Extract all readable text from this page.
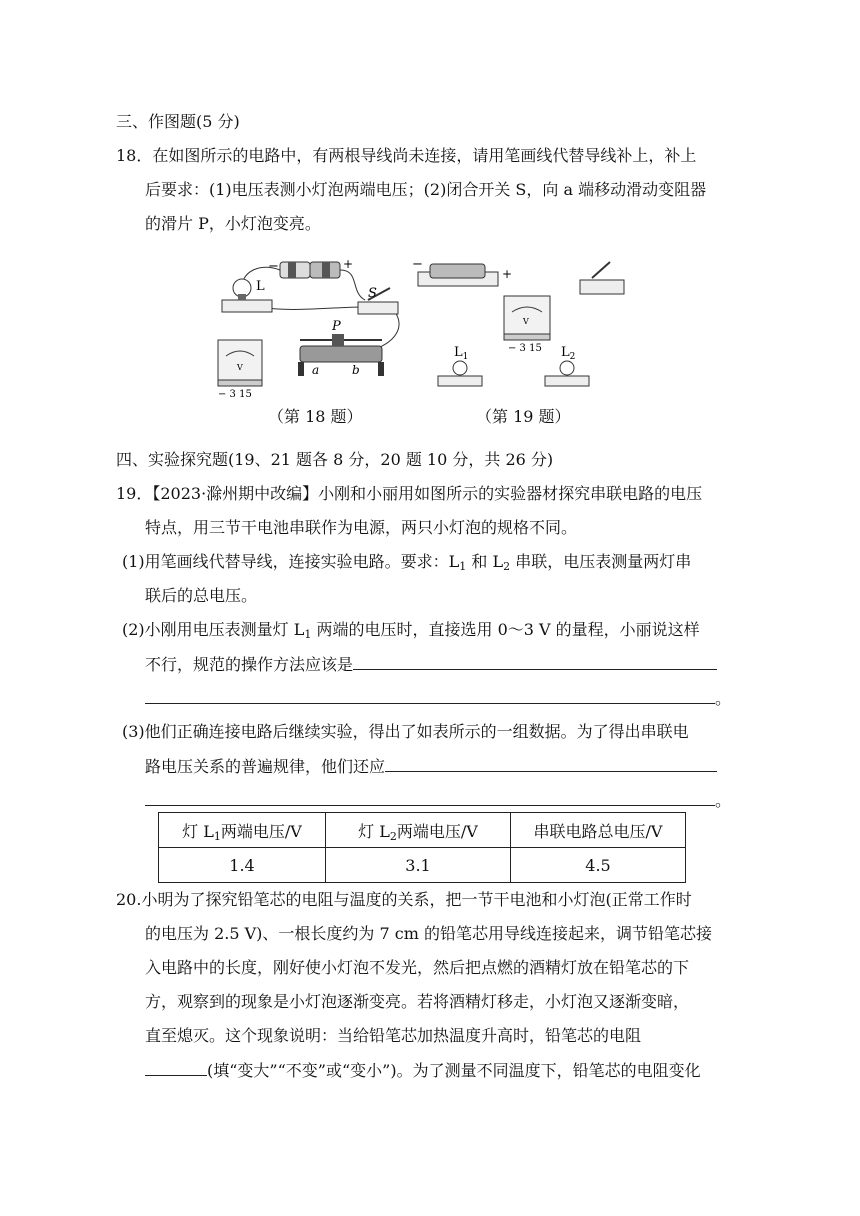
三、作图题(5 分)
18．在如图所示的电路中，有两根导线尚未连接，请用笔画线代替导线补上，补上
后要求：(1)电压表测小灯泡两端电压；(2)闭合开关 S，向 a 端移动滑动变阻器
的滑片 P，小灯泡变亮。
−	+
L	S
V
− 3 15
P
a	b
−
+
V
− 3 15
$L_1$	$L_2$
（第 18 题）	（第 19 题）
四、实验探究题(19、21 题各 8 分，20 题 10 分，共 26 分)
19．【2023·滁州期中改编】小刚和小丽用如图所示的实验器材探究串联电路的电压
特点，用三节干电池串联作为电源，两只小灯泡的规格不同。
(1)用笔画线代替导线，连接实验电路。要求：$L_1$ 和 $L_2$ 串联，电压表测量两灯串
联后的总电压。
(2)小刚用电压表测量灯 $L_1$ 两端的电压时，直接选用 0～3 V 的量程，小丽说这样
不行，规范的操作方法应该是
。
(3)他们正确连接电路后继续实验，得出了如表所示的一组数据。为了得出串联电
路电压关系的普遍规律，他们还应
。
灯 $L_1$两端电压/V	灯 $L_2$两端电压/V	串联电路总电压/V
1.4	3.1	4.5
20.小明为了探究铅笔芯的电阻与温度的关系，把一节干电池和小灯泡(正常工作时
的电压为 2.5 V)、一根长度约为 7 cm 的铅笔芯用导线连接起来，调节铅笔芯接
入电路中的长度，刚好使小灯泡不发光，然后把点燃的酒精灯放在铅笔芯的下
方，观察到的现象是小灯泡逐渐变亮。若将酒精灯移走，小灯泡又逐渐变暗，
直至熄灭。这个现象说明：当给铅笔芯加热温度升高时，铅笔芯的电阻
(填“变大”“不变”或“变小”)。为了测量不同温度下，铅笔芯的电阻变化
